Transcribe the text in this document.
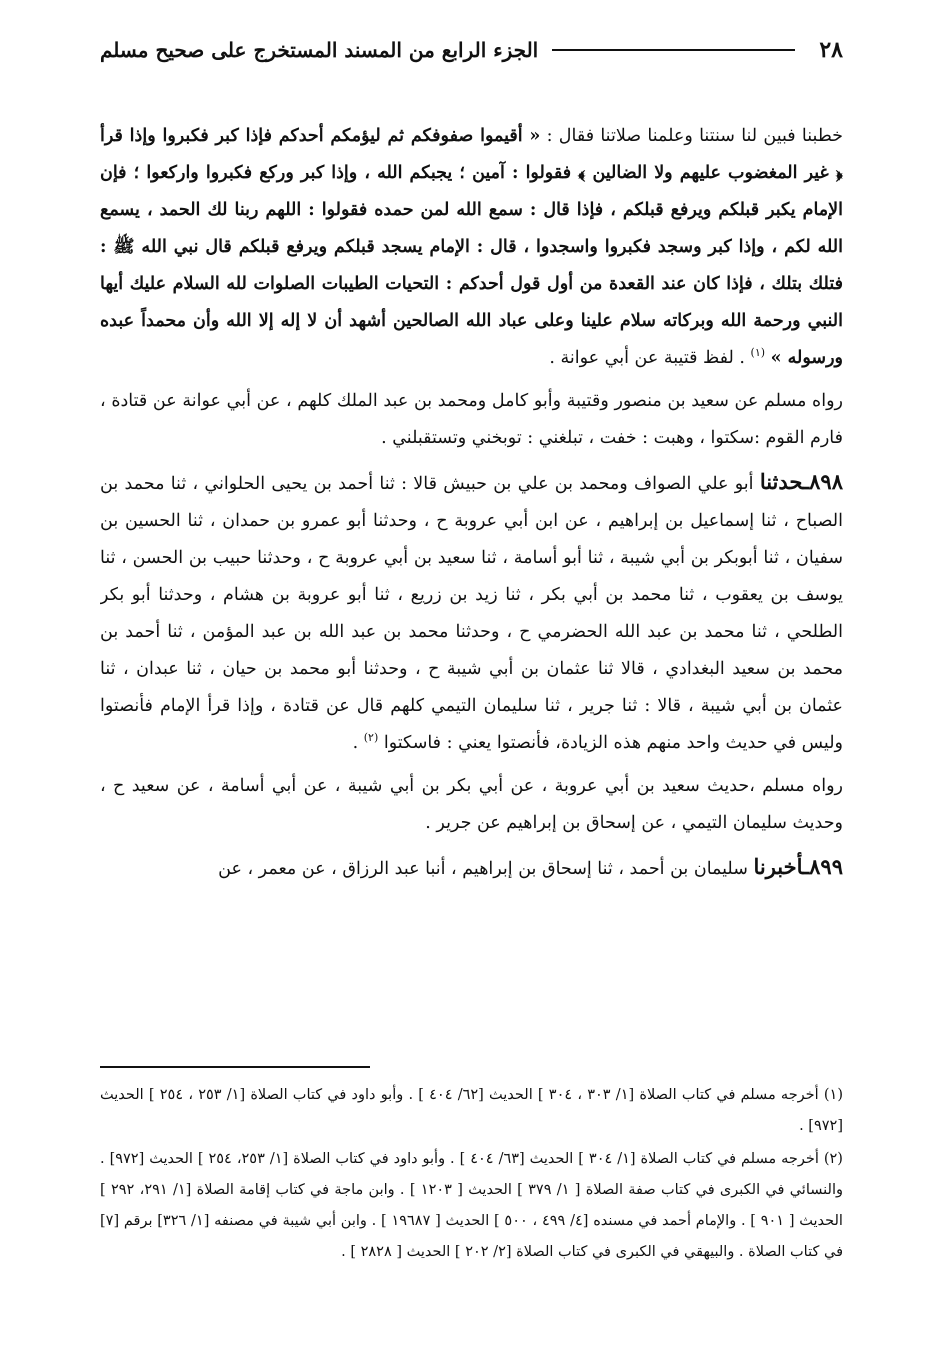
٢٨
الجزء الرابع من المسند المستخرج على صحيح مسلم

خطبنا فبين لنا سنتنا وعلمنا صلاتنا فقال : « أقيموا صفوفكم ثم ليؤمكم أحدكم فإذا كبر فكبروا وإذا قرأ ﴿ غير المغضوب عليهم ولا الضالين ﴾ فقولوا : آمين ؛ يجبكم الله ، وإذا كبر وركع فكبروا واركعوا ؛ فإن الإمام يكبر قبلكم ويرفع قبلكم ، فإذا قال : سمع الله لمن حمده فقولوا : اللهم ربنا لك الحمد ، يسمع الله لكم ، وإذا كبر وسجد فكبروا واسجدوا ، قال : الإمام يسجد قبلكم ويرفع قبلكم قال نبي الله ﷺ : فتلك بتلك ، فإذا كان عند القعدة من أول قول أحدكم : التحيات الطيبات الصلوات لله السلام عليك أيها النبي ورحمة الله وبركاته سلام علينا وعلى عباد الله الصالحين أشهد أن لا إله إلا الله وأن محمداً عبده ورسوله » $^{(١)}$ . لفظ قتيبة عن أبي عوانة .

رواه مسلم عن سعيد بن منصور وقتيبة وأبو كامل ومحمد بن عبد الملك كلهم ، عن أبي عوانة عن قتادة ، فارم القوم :سكتوا ، وهبت : خفت ، تبلغني : توبخني وتستقبلني .

٨٩٨ـحدثنا أبو علي الصواف ومحمد بن علي بن حبيش قالا : ثنا أحمد بن يحيى الحلواني ، ثنا محمد بن الصباح ، ثنا إسماعيل بن إبراهيم ، عن ابن أبي عروبة ح ، وحدثنا أبو عمرو بن حمدان ، ثنا الحسين بن سفيان ، ثنا أبوبكر بن أبي شيبة ، ثنا أبو أسامة ، ثنا سعيد بن أبي عروبة ح ، وحدثنا حبيب بن الحسن ، ثنا يوسف بن يعقوب ، ثنا محمد بن أبي بكر ، ثنا زيد بن زريع ، ثنا أبو عروبة بن هشام ، وحدثنا أبو بكر الطلحي ، ثنا محمد بن عبد الله الحضرمي ح ، وحدثنا محمد بن عبد الله بن عبد المؤمن ، ثنا أحمد بن محمد بن سعيد البغدادي ، قالا ثنا عثمان بن أبي شيبة ح ، وحدثنا أبو محمد بن حيان ، ثنا عبدان ، ثنا عثمان بن أبي شيبة ، قالا : ثنا جرير ، ثنا سليمان التيمي كلهم قال عن قتادة ، وإذا قرأ الإمام فأنصتوا وليس في حديث واحد منهم هذه الزيادة، فأنصتوا يعني : فاسكتوا $^{(٢)}$ .

رواه مسلم ،حديث سعيد بن أبي عروبة ، عن أبي بكر بن أبي شيبة ، عن أبي أسامة ، عن سعيد ح ، وحديث سليمان التيمي ، عن إسحاق بن إبراهيم عن جرير .

٨٩٩ـأخبرنا سليمان بن أحمد ، ثنا إسحاق بن إبراهيم ، أنبا عبد الرزاق ، عن معمر ، عن

(١) أخرجه مسلم في كتاب الصلاة [١/ ٣٠٣ ، ٣٠٤ ] الحديث [٦٢/ ٤٠٤ ] . وأبو داود في كتاب الصلاة [١/ ٢٥٣ ، ٢٥٤ ] الحديث [٩٧٢] .

(٢) أخرجه مسلم في كتاب الصلاة [١/ ٣٠٤ ] الحديث [٦٣/ ٤٠٤ ] . وأبو داود في كتاب الصلاة [١/ ٢٥٣، ٢٥٤ ] الحديث [٩٧٢] . والنسائي في الكبرى في كتاب صفة الصلاة [ ١/ ٣٧٩ ] الحديث [ ١٢٠٣ ] . وابن ماجة في كتاب إقامة الصلاة [١/ ٢٩١، ٢٩٢ ] الحديث [ ٩٠١ ] . والإمام أحمد في مسنده [٤/ ٤٩٩ ، ٥٠٠ ] الحديث [ ١٩٦٨٧ ] . وابن أبي شيبة في مصنفه [١/ ٣٢٦] برقم [٧] في كتاب الصلاة . والبيهقي في الكبرى في كتاب الصلاة [٢/ ٢٠٢ ] الحديث [ ٢٨٢٨ ] .
